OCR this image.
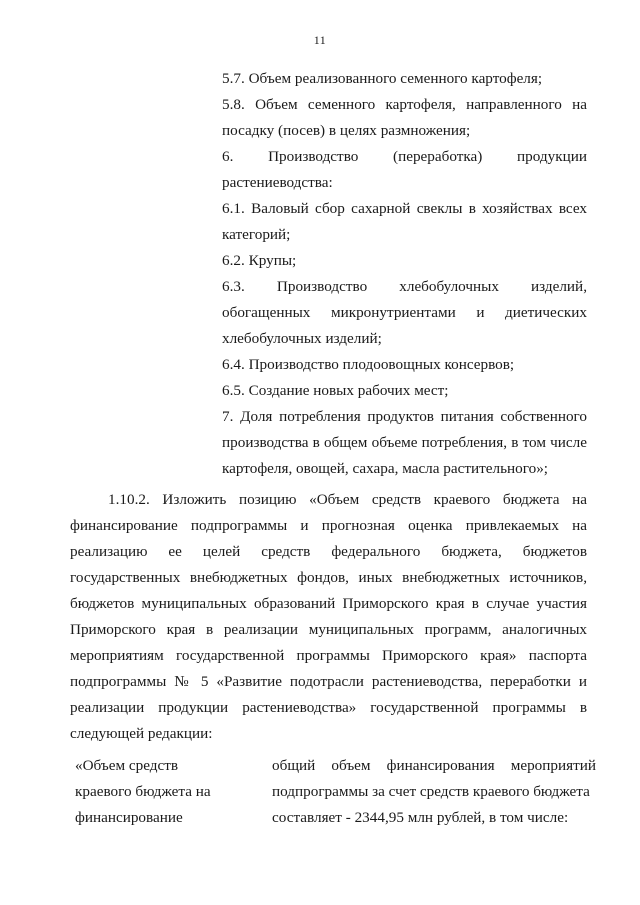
11
5.7. Объем реализованного семенного картофеля;
5.8. Объем семенного картофеля, направленного на
посадку (посев) в целях размножения;
6. Производство (переработка) продукции
растениеводства:
6.1. Валовый сбор сахарной свеклы в хозяйствах всех
категорий;
6.2. Крупы;
6.3. Производство хлебобулочных изделий,
обогащенных микронутриентами и диетических
хлебобулочных изделий;
6.4. Производство плодоовощных консервов;
6.5. Создание новых рабочих мест;
7. Доля потребления продуктов питания собственного
производства в общем объеме потребления, в том числе
картофеля, овощей, сахара, масла растительного»;
1.10.2. Изложить позицию «Объем средств краевого бюджета на
финансирование подпрограммы и прогнозная оценка привлекаемых на
реализацию ее целей средств федерального бюджета, бюджетов
государственных внебюджетных фондов, иных внебюджетных источников,
бюджетов муниципальных образований Приморского края в случае участия
Приморского края в реализации муниципальных программ, аналогичных
мероприятиям государственной программы Приморского края» паспорта
подпрограммы № 5 «Развитие подотрасли растениеводства, переработки и
реализации продукции растениеводства» государственной программы в
следующей редакции:
«Объем средств
краевого бюджета на
финансирование
общий объем финансирования мероприятий
подпрограммы за счет средств краевого бюджета
составляет - 2344,95 млн рублей, в том числе:
